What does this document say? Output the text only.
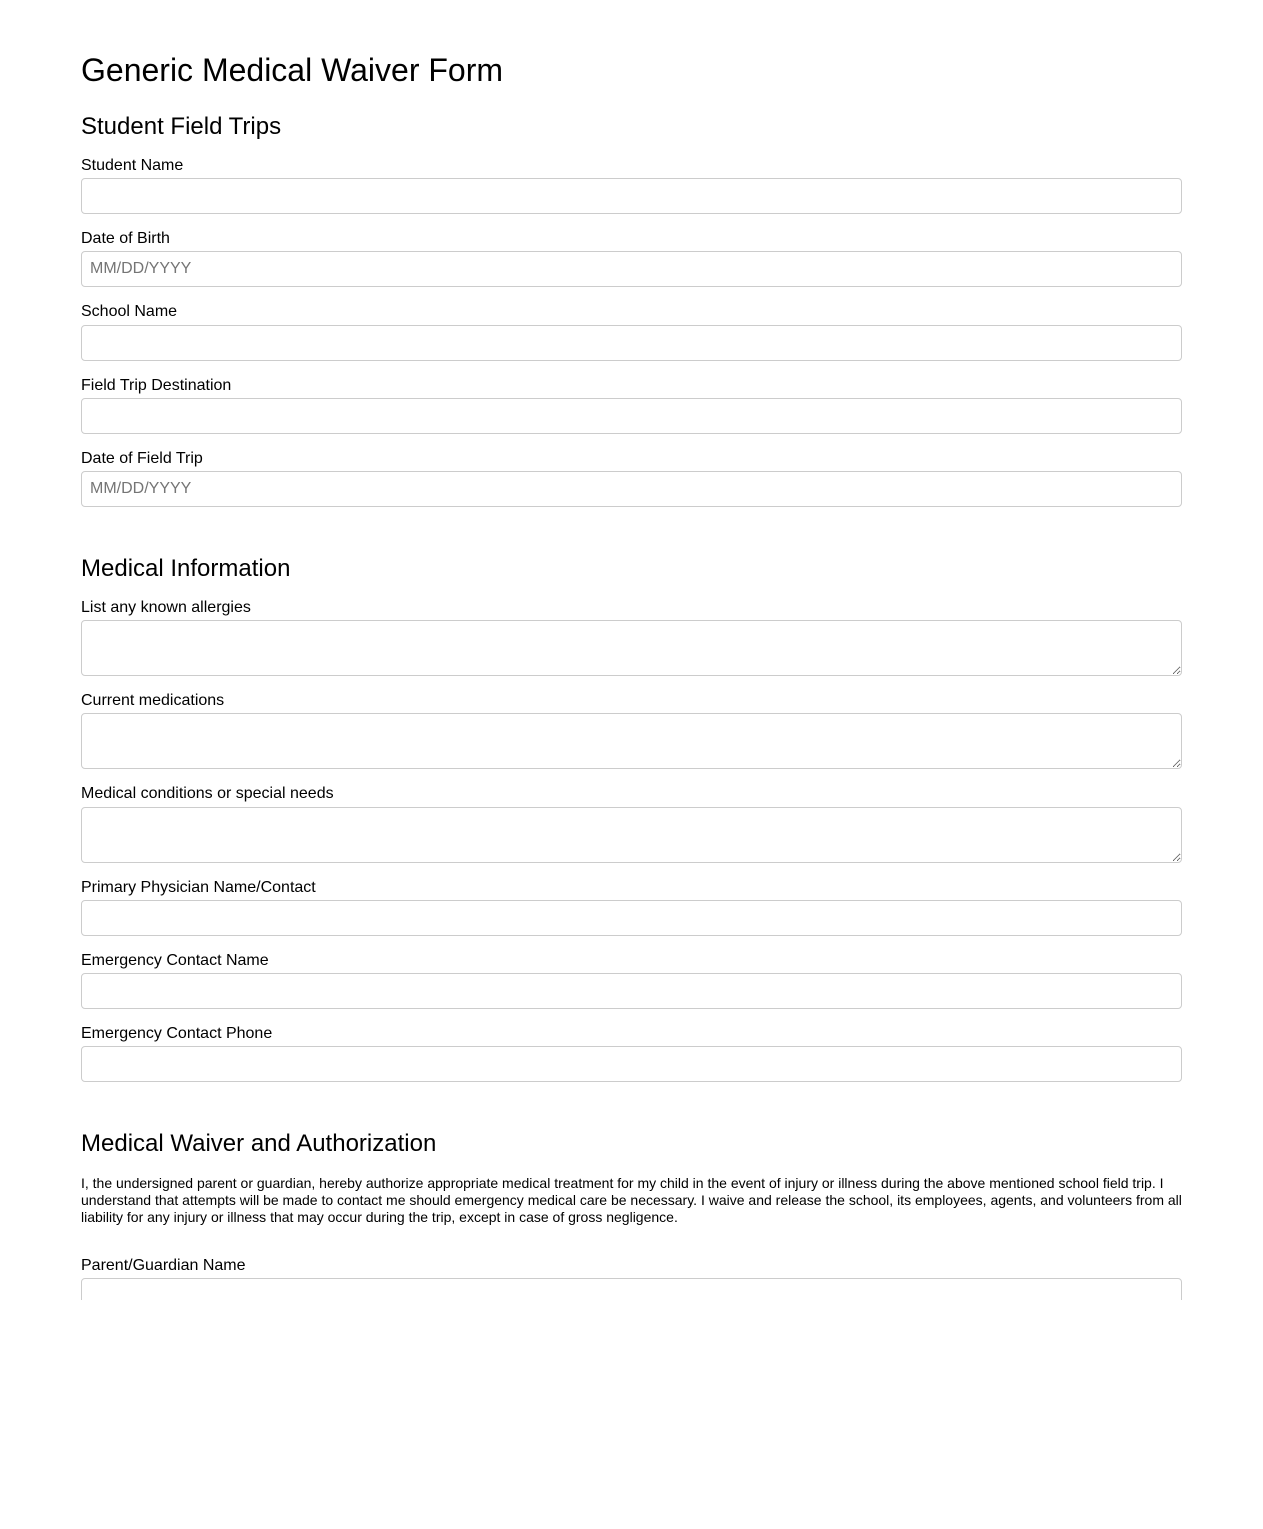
Generic Medical Waiver Form
Student Field Trips
Student Name
Date of Birth
MM/DD/YYYY
School Name
Field Trip Destination
Date of Field Trip
MM/DD/YYYY
Medical Information
List any known allergies
Current medications
Medical conditions or special needs
Primary Physician Name/Contact
Emergency Contact Name
Emergency Contact Phone
Medical Waiver and Authorization

I, the undersigned parent or guardian, hereby authorize appropriate medical treatment for my child in the event of injury or illness during the above mentioned school field trip. I understand that attempts will be made to contact me should emergency medical care be necessary. I waive and release the school, its employees, agents, and volunteers from all liability for any injury or illness that may occur during the trip, except in case of gross negligence.

Parent/Guardian Name
